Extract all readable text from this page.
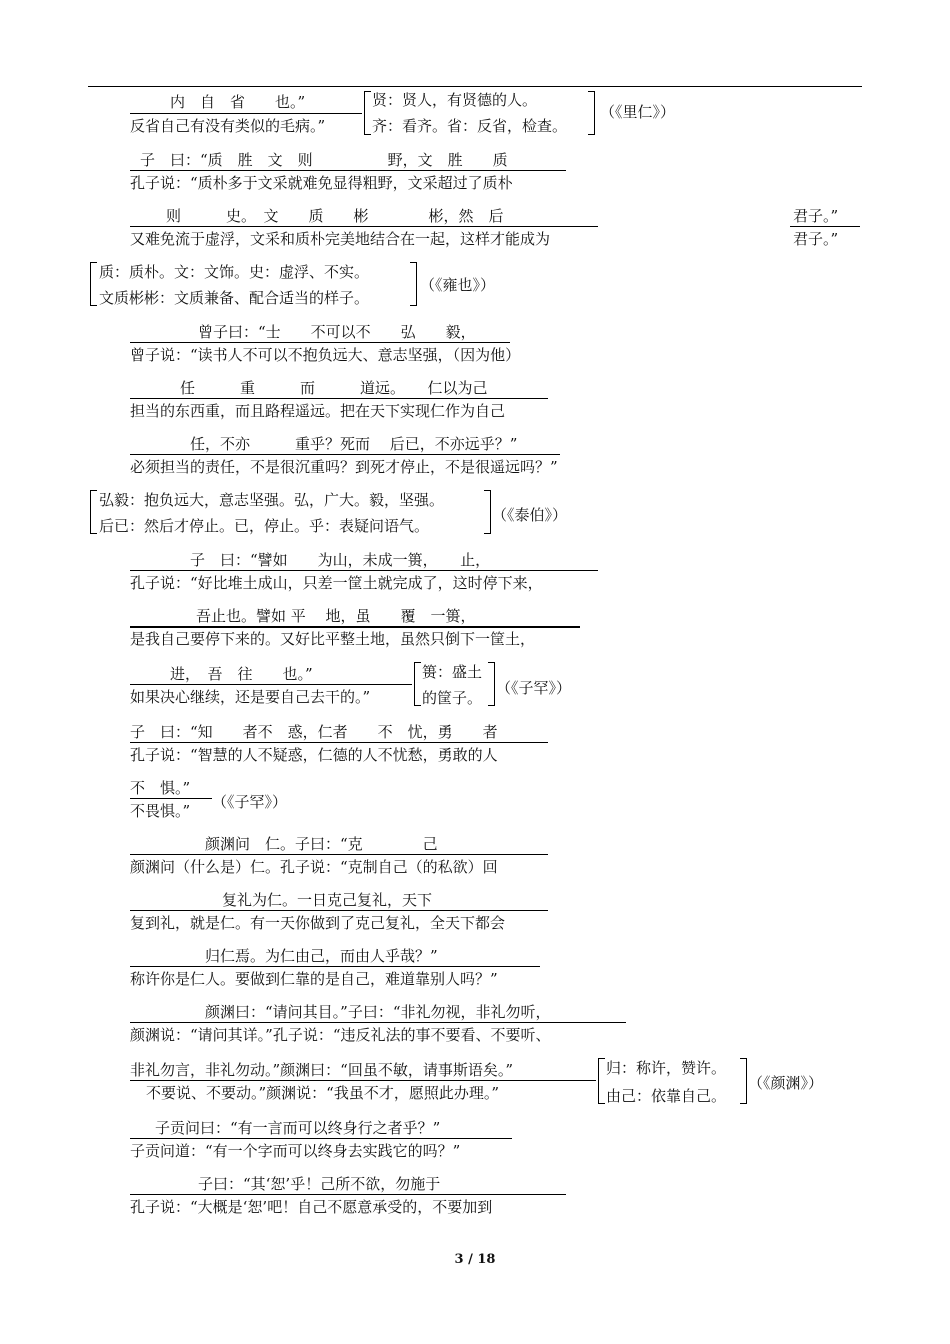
内　自　省　　也。”
反省自己有没有类似的毛病。”
贤：贤人，有贤德的人。
齐：看齐。省：反省，检查。
（《里仁》）
子　曰：“质　胜　文　则　　　　　野，文　胜　　质
孔子说：“质朴多于文采就难免显得粗野，文采超过了质朴
则　　　史。　文　　质　　彬　　　　彬，然　后	君子。”
又难免流于虚浮，文采和质朴完美地结合在一起，这样才能成为	君子。”
质：质朴。文：文饰。史：虚浮、不实。
文质彬彬：文质兼备、配合适当的样子。
（《雍也》）
曾子曰：“士　　不可以不　　弘　　毅，
曾子说：“读书人不可以不抱负远大、意志坚强，（因为他）
任　　　重　　　而　　　道远。　　仁以为己
担当的东西重，而且路程遥远。把在天下实现仁作为自己
任，不亦　　　重乎？死而　 后已，不亦远乎？”
必须担当的责任，不是很沉重吗？到死才停止，不是很遥远吗？”
弘毅：抱负远大，意志坚强。弘，广大。毅，坚强。
后已：然后才停止。已，停止。乎：表疑问语气。
（《泰伯》）
子　曰：“譬如　　为山，未成一篑，　　止，
孔子说：“好比堆土成山，只差一筐土就完成了，这时停下来，
吾止也。譬如 平　 地，虽　　覆　一篑，
是我自己要停下来的。又好比平整土地，虽然只倒下一筐土，
进，　吾　往　　也。”
如果决心继续，还是要自己去干的。”
篑：盛土
的筐子。
（《子罕》）
子　曰：“知　　者不　惑，仁者　　不　忧，勇　　者
孔子说：“智慧的人不疑惑，仁德的人不忧愁，勇敢的人
不　惧。”
不畏惧。” （《子罕》）
颜渊问　仁。子曰：“克　　　　己
颜渊问（什么是）仁。孔子说：“克制自己（的私欲）回
复礼为仁。一日克己复礼，天下
复到礼，就是仁。有一天你做到了克己复礼，全天下都会
归仁焉。为仁由己，而由人乎哉？”
称许你是仁人。要做到仁靠的是自己，难道靠别人吗？”
颜渊曰：“请问其目。”子曰：“非礼勿视，非礼勿听，
颜渊说：“请问其详。”孔子说：“违反礼法的事不要看、不要听、
非礼勿言，非礼勿动。”颜渊曰：“回虽不敏，请事斯语矣。”
不要说、不要动。”颜渊说：“我虽不才，愿照此办理。”
归：称许，赞许。
由己：依靠自己。
（《颜渊》）
子贡问曰：“有一言而可以终身行之者乎？”
子贡问道：“有一个字而可以终身去实践它的吗？”
子曰：“其‘恕’乎！己所不欲，勿施于
孔子说：“大概是‘恕’吧！自己不愿意承受的，不要加到
3 / 18
